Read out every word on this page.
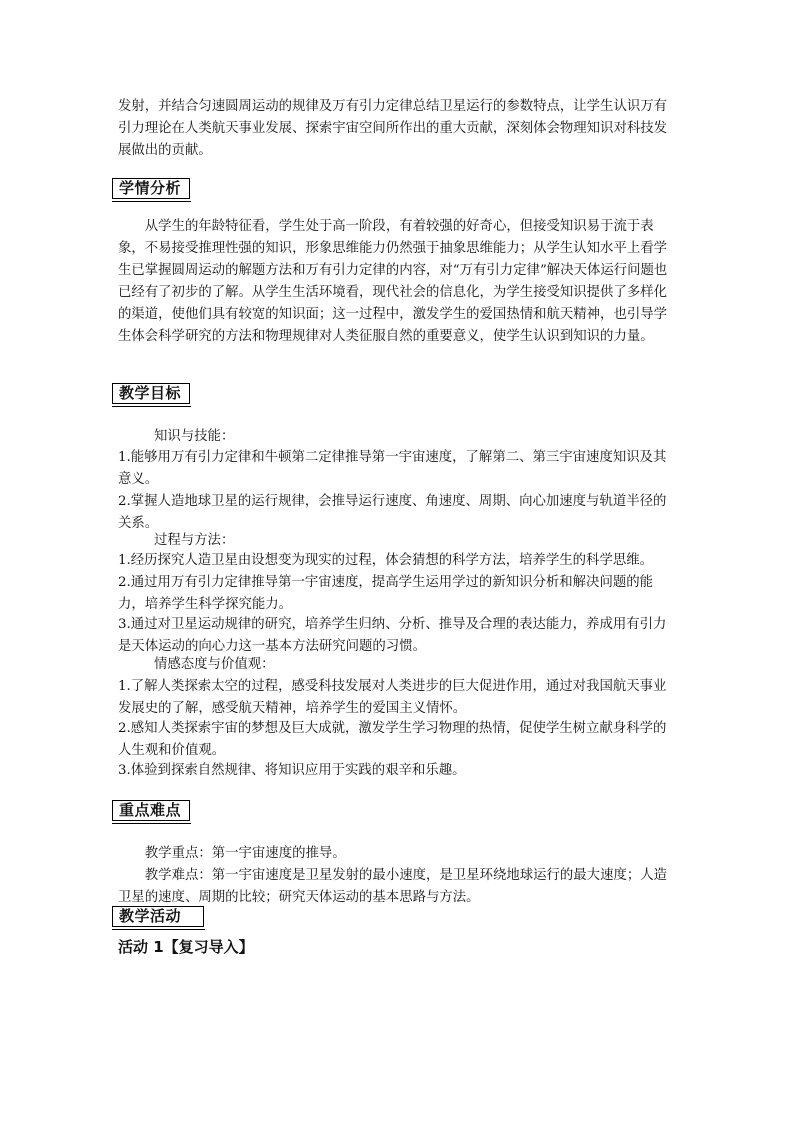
发射，并结合匀速圆周运动的规律及万有引力定律总结卫星运行的参数特点，让学生认识万有引力理论在人类航天事业发展、探索宇宙空间所作出的重大贡献，深刻体会物理知识对科技发展做出的贡献。

学情分析

从学生的年龄特征看，学生处于高一阶段，有着较强的好奇心，但接受知识易于流于表象，不易接受推理性强的知识，形象思维能力仍然强于抽象思维能力；从学生认知水平上看学生已掌握圆周运动的解题方法和万有引力定律的内容，对“万有引力定律”解决天体运行问题也已经有了初步的了解。从学生生活环境看，现代社会的信息化，为学生接受知识提供了多样化的渠道，使他们具有较宽的知识面；这一过程中，激发学生的爱国热情和航天精神，也引导学生体会科学研究的方法和物理规律对人类征服自然的重要意义，使学生认识到知识的力量。

教学目标

知识与技能：

1.能够用万有引力定律和牛顿第二定律推导第一宇宙速度，了解第二、第三宇宙速度知识及其意义。

2.掌握人造地球卫星的运行规律，会推导运行速度、角速度、周期、向心加速度与轨道半径的关系。

过程与方法：

1.经历探究人造卫星由设想变为现实的过程，体会猜想的科学方法，培养学生的科学思维。

2.通过用万有引力定律推导第一宇宙速度，提高学生运用学过的新知识分析和解决问题的能力，培养学生科学探究能力。

3.通过对卫星运动规律的研究，培养学生归纳、分析、推导及合理的表达能力，养成用有引力是天体运动的向心力这一基本方法研究问题的习惯。

情感态度与价值观：

1.了解人类探索太空的过程，感受科技发展对人类进步的巨大促进作用，通过对我国航天事业发展史的了解，感受航天精神，培养学生的爱国主义情怀。

2.感知人类探索宇宙的梦想及巨大成就，激发学生学习物理的热情，促使学生树立献身科学的人生观和价值观。

3.体验到探索自然规律、将知识应用于实践的艰辛和乐趣。

重点难点

教学重点：第一宇宙速度的推导。

教学难点：第一宇宙速度是卫星发射的最小速度，是卫星环绕地球运行的最大速度；人造卫星的速度、周期的比较；研究天体运动的基本思路与方法。

教学活动
活动 1【复习导入】
